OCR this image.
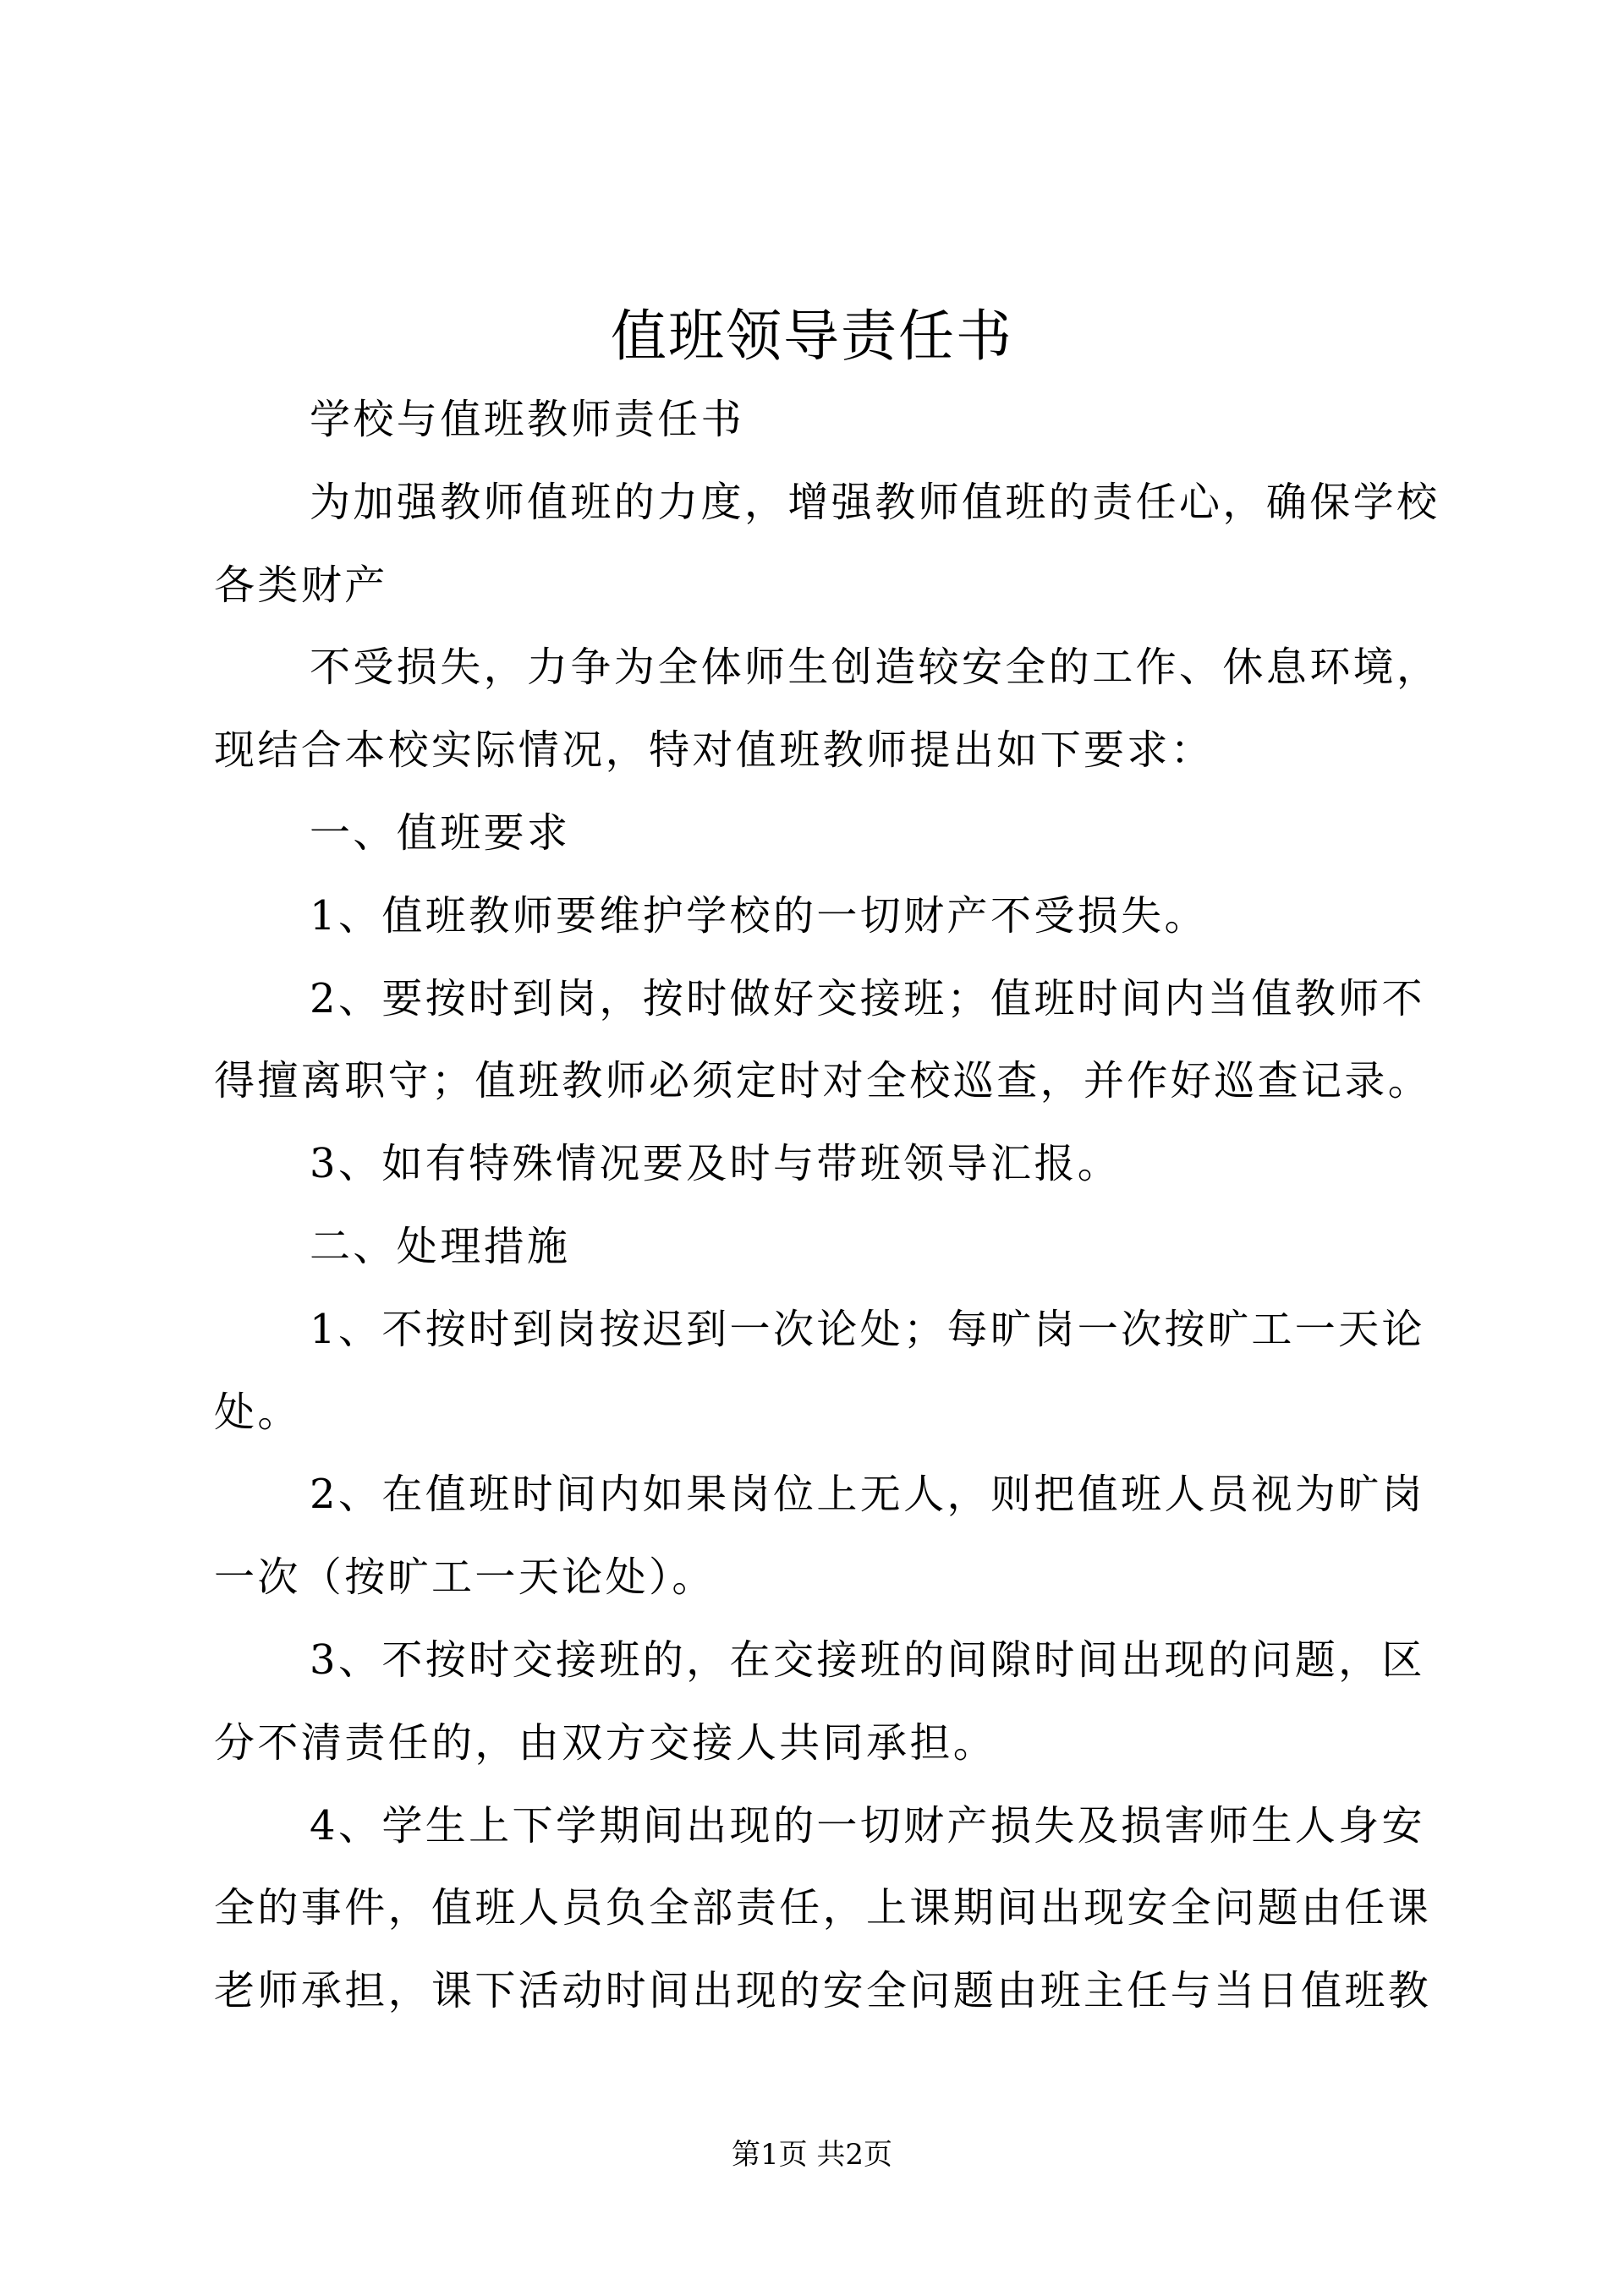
值班领导责任书
学校与值班教师责任书
为加强教师值班的力度，增强教师值班的责任心，确保学校
各类财产
不受损失，力争为全体师生创造较安全的工作、休息环境，
现结合本校实际情况，特对值班教师提出如下要求：
一、值班要求
1、值班教师要维护学校的一切财产不受损失。
2、要按时到岗，按时做好交接班；值班时间内当值教师不
得擅离职守；值班教师必须定时对全校巡查，并作好巡查记录。
3、如有特殊情况要及时与带班领导汇报。
二、处理措施
1、不按时到岗按迟到一次论处；每旷岗一次按旷工一天论
处。
2、在值班时间内如果岗位上无人，则把值班人员视为旷岗
一次（按旷工一天论处）。
3、不按时交接班的，在交接班的间隙时间出现的问题，区
分不清责任的，由双方交接人共同承担。
4、学生上下学期间出现的一切财产损失及损害师生人身安
全的事件，值班人员负全部责任，上课期间出现安全问题由任课
老师承担，课下活动时间出现的安全问题由班主任与当日值班教
第1页 共2页
